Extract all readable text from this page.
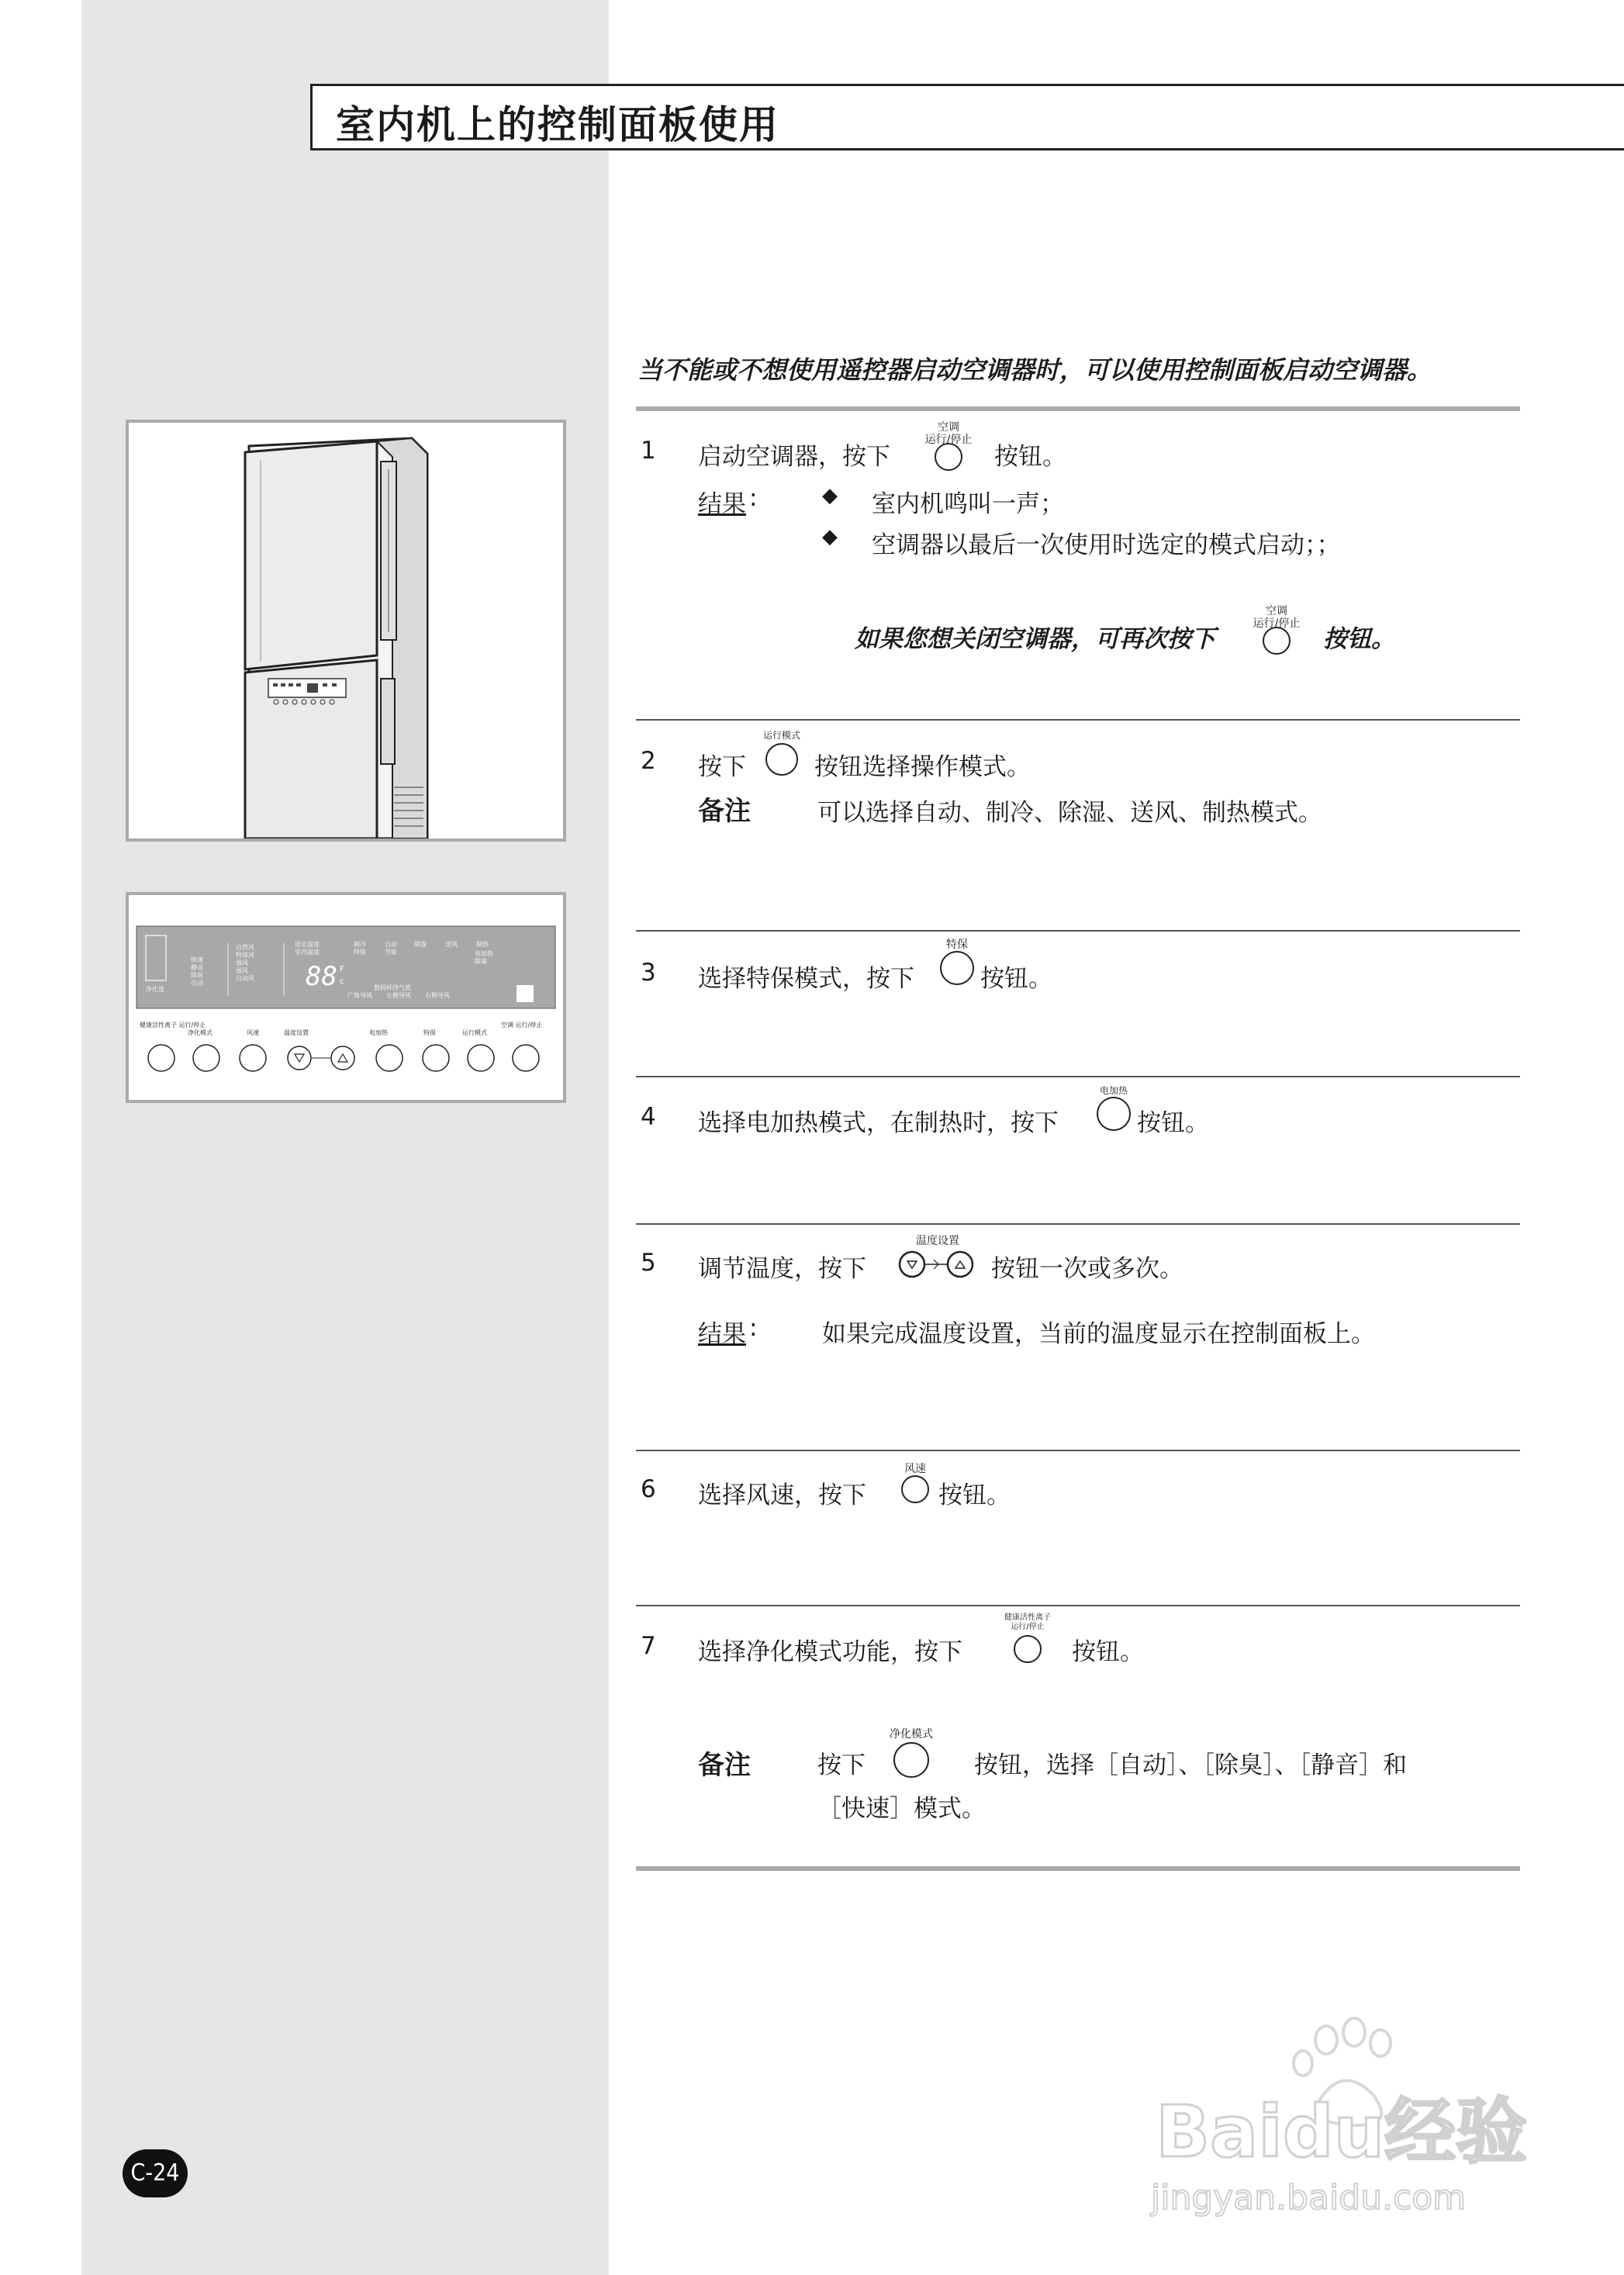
室内机上的控制面板使用
净化度
快速
静音
除臭
自动
自然风
特保风
强风
弱风
自动风
设定温度
室内温度
制冷	自动	除湿	送风	制热
特保	节能	电加热
除霜
数码环绕气流
广角导风 左侧导风 右侧导风
88 F
c
健康活性离子 运行/停止
净化模式	风速	温度设置	电加热	特保	运行模式
空调 运行/停止
当不能或不想使用遥控器启动空调器时，可以使用控制面板启动空调器。
1 启动空调器，按下
空调
运行/停止
按钮。
结果 :	◆ 室内机鸣叫一声；
◆ 空调器以最后一次使用时选定的模式启动；；
如果您想关闭空调器，可再次按下
空调
运行/停止
按钮。
2 按下
运行模式
按钮选择操作模式。
备注	可以选择自动、制冷、除湿、送风、制热模式。
3 选择特保模式，按下
特保
按钮。
4 选择电加热模式，在制热时，按下
电加热
按钮。
5 调节温度，按下
温度设置
按钮一次或多次。
结果 :	如果完成温度设置，当前的温度显示在控制面板上。
6 选择风速，按下
风速
按钮。
7 选择净化模式功能，按下
健康活性离子
运行/停止
按钮。
备注	按下
净化模式
按钮，选择［自动］、［除臭］、［静音］和
［快速］模式。
C-24	Baidu经验
jingyan.baidu.com
